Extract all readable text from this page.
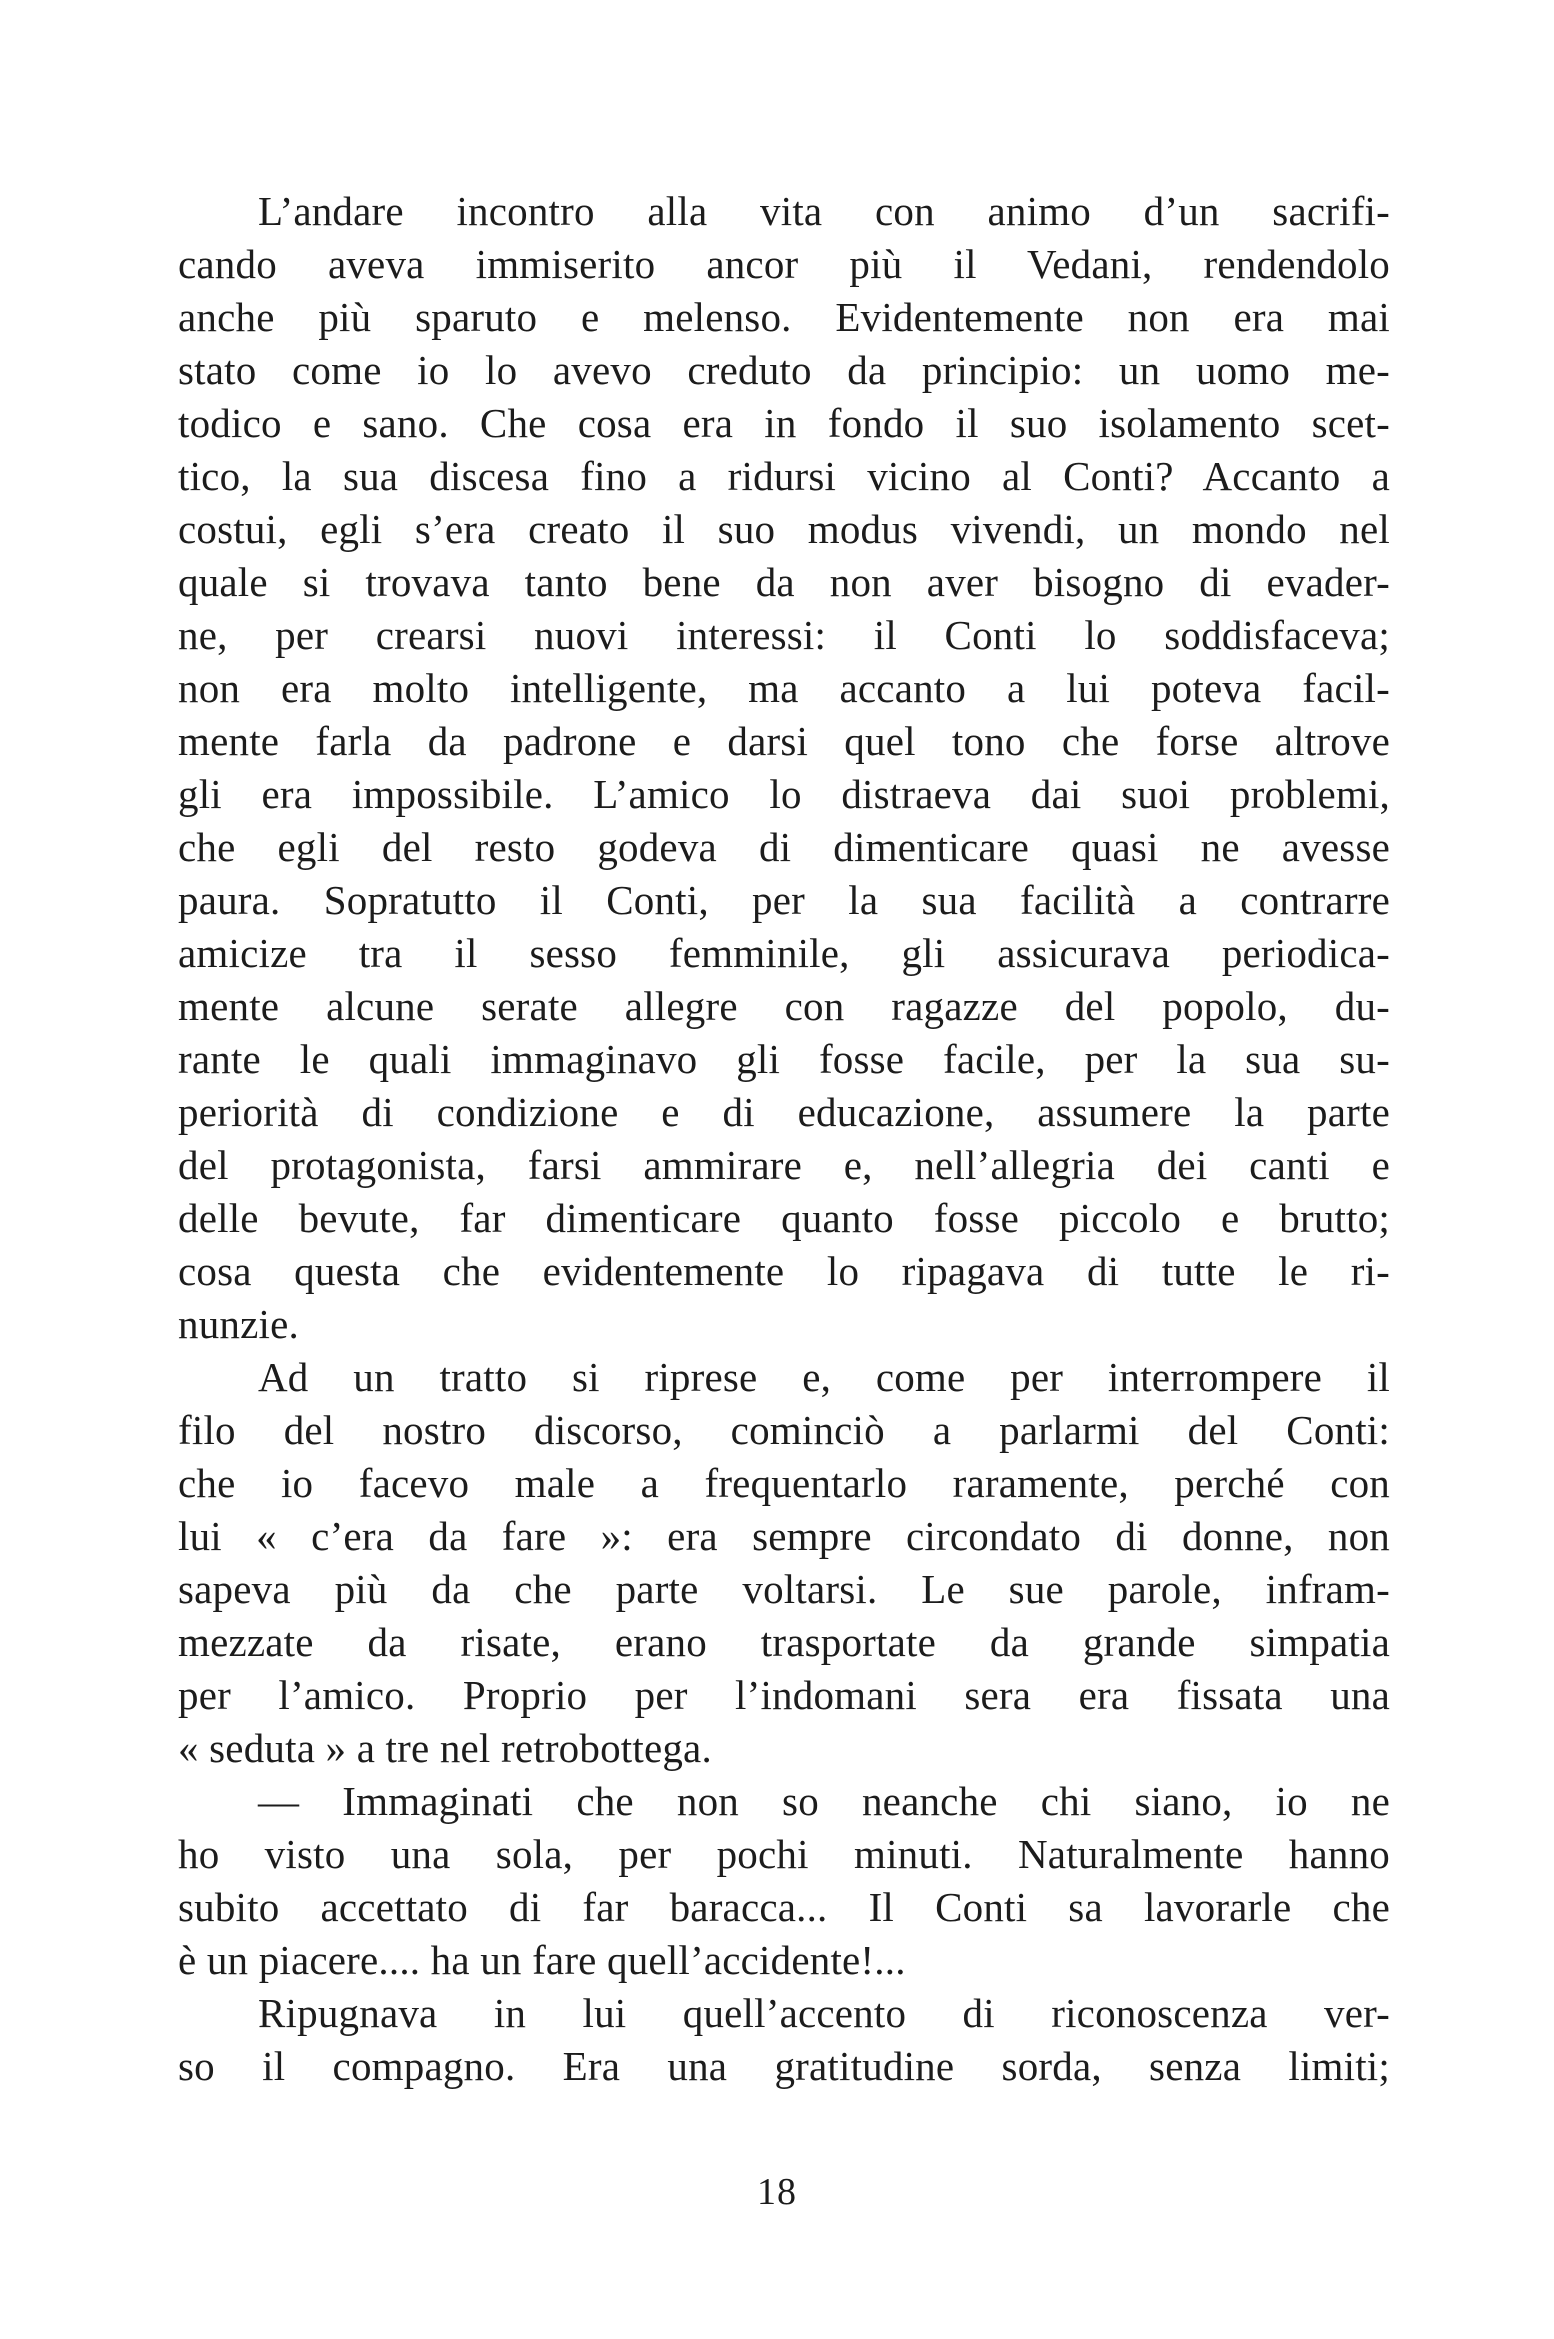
L’andare incontro alla vita con animo d’un sacrifi-
cando aveva immiserito ancor più il Vedani, rendendolo
anche più sparuto e melenso. Evidentemente non era mai
stato come io lo avevo creduto da principio: un uomo me-
todico e sano. Che cosa era in fondo il suo isolamento scet-
tico, la sua discesa fino a ridursi vicino al Conti? Accanto a
costui, egli s’era creato il suo modus vivendi, un mondo nel
quale si trovava tanto bene da non aver bisogno di evader-
ne, per crearsi nuovi interessi: il Conti lo soddisfaceva;
non era molto intelligente, ma accanto a lui poteva facil-
mente farla da padrone e darsi quel tono che forse altrove
gli era impossibile. L’amico lo distraeva dai suoi problemi,
che egli del resto godeva di dimenticare quasi ne avesse
paura. Sopratutto il Conti, per la sua facilità a contrarre
amicize tra il sesso femminile, gli assicurava periodica-
mente alcune serate allegre con ragazze del popolo, du-
rante le quali immaginavo gli fosse facile, per la sua su-
periorità di condizione e di educazione, assumere la parte
del protagonista, farsi ammirare e, nell’allegria dei canti e
delle bevute, far dimenticare quanto fosse piccolo e brutto;
cosa questa che evidentemente lo ripagava di tutte le ri-
nunzie.
Ad un tratto si riprese e, come per interrompere il
filo del nostro discorso, cominciò a parlarmi del Conti:
che io facevo male a frequentarlo raramente, perché con
lui « c’era da fare »: era sempre circondato di donne, non
sapeva più da che parte voltarsi. Le sue parole, infram-
mezzate da risate, erano trasportate da grande simpatia
per l’amico. Proprio per l’indomani sera era fissata una
« seduta » a tre nel retrobottega.
— Immaginati che non so neanche chi siano, io ne
ho visto una sola, per pochi minuti. Naturalmente hanno
subito accettato di far baracca... Il Conti sa lavorarle che
è un piacere.... ha un fare quell’accidente!...
Ripugnava in lui quell’accento di riconoscenza ver-
so il compagno. Era una gratitudine sorda, senza limiti;
18
